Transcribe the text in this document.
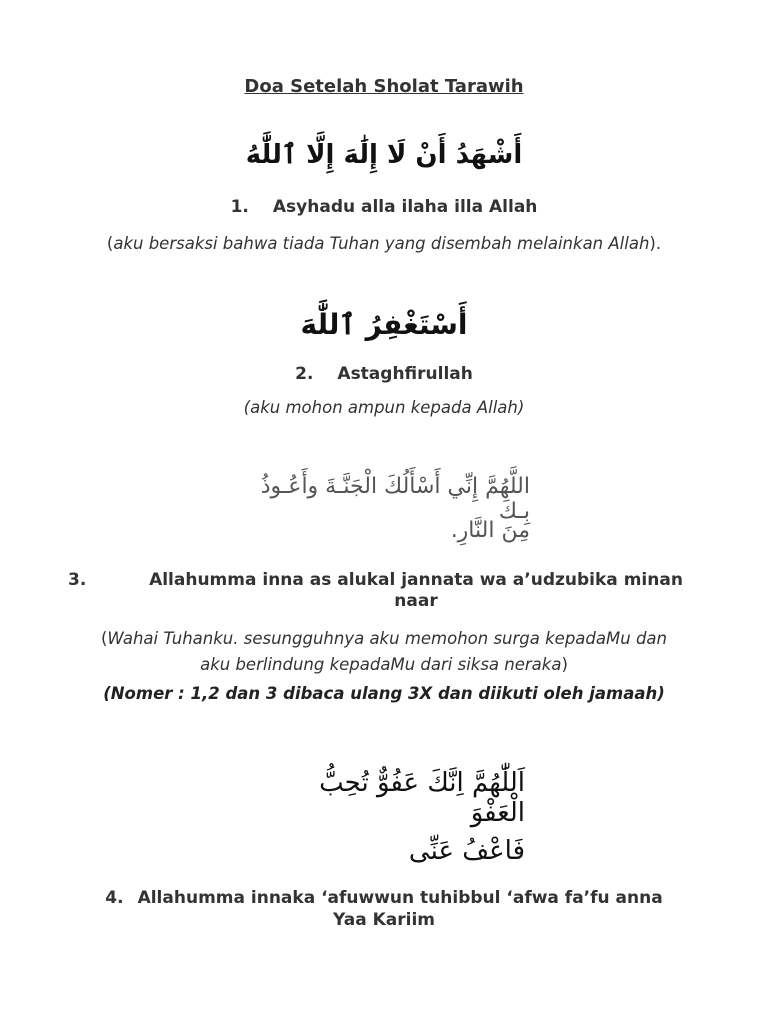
Doa Setelah Sholat Tarawih
أَشْهَدُ أَنْ لَا إِلَٰهَ إِلَّا ٱللَّٰهُ
1. Asyhadu alla ilaha illa Allah
(aku bersaksi bahwa tiada Tuhan yang disembah melainkan Allah).
أَسْتَغْفِرُ ٱللَّٰهَ
2. Astaghfirullah
(aku mohon ampun kepada Allah)
اللَّهُمَّ إِنِّي أَسْأَلُكَ الْجَنَّـةَ وأَعُـوذُ بِـكَ
مِنَ النَّارِ.
3.	Allahumma inna as alukal jannata wa a’udzubika minan naar
(Wahai Tuhanku. sesungguhnya aku memohon surga kepadaMu dan aku berlindung kepadaMu dari siksa neraka)
(Nomer : 1,2 dan 3 dibaca ulang 3X dan diikuti oleh jamaah)
اَللّٰهُمَّ اِنَّكَ عَفُوٌّ تُحِبُّ الْعَفْوَ
فَاعْفُ عَنِّى
4. Allahumma innaka ‘afuwwun tuhibbul ‘afwa fa’fu anna Yaa Kariim
